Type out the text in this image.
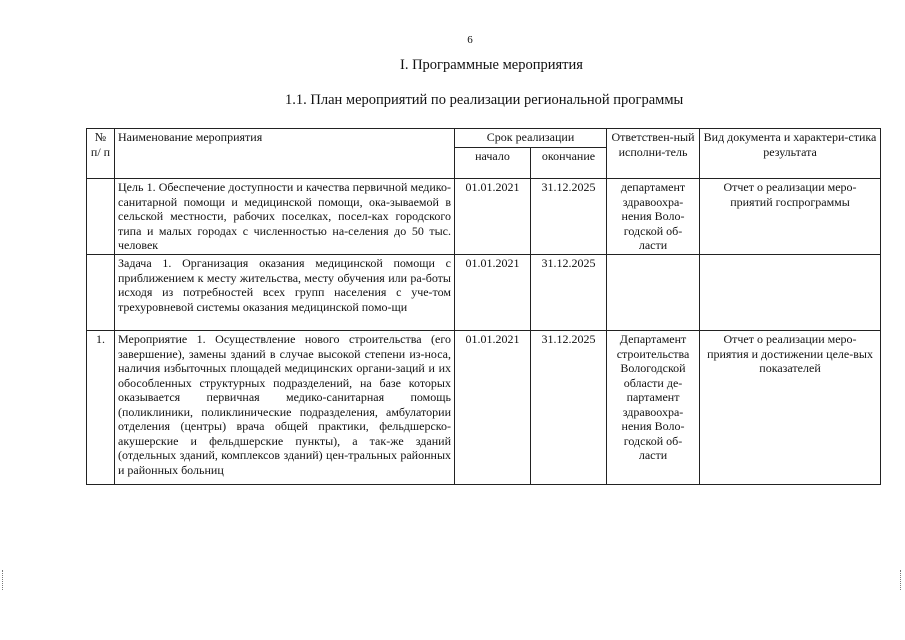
6
I. Программные мероприятия
1.1. План мероприятий по реализации региональной программы
№ п/ п	Наименование мероприятия	Срок реализации		Ответствен-ный исполни-тель	Вид документа и характери-стика результата
		начало	окончание		
	Цель 1. Обеспечение доступности и качества первичной медико-санитарной помощи и медицинской помощи, ока-зываемой в сельской местности, рабочих поселках, посел-ках городского типа и малых городах с численностью на-селения до 50 тыс. человек	01.01.2021	31.12.2025	департамент здравоохра-нения Воло-годской об-ласти	Отчет о реализации меро-приятий госпрограммы
	Задача 1. Организация оказания медицинской помощи с приближением к месту жительства, месту обучения или ра-боты исходя из потребностей всех групп населения с уче-том трехуровневой системы оказания медицинской помо-щи	01.01.2021	31.12.2025		
1.	Мероприятие 1. Осуществление нового строительства (его завершение), замены зданий в случае высокой степени из-носа, наличия избыточных площадей медицинских органи-заций и их обособленных структурных подразделений, на базе которых оказывается первичная медико-санитарная помощь (поликлиники, поликлинические подразделения, амбулатории отделения (центры) врача общей практики, фельдшерско-акушерские и фельдшерские пункты), а так-же зданий (отдельных зданий, комплексов зданий) цен-тральных районных и районных больниц	01.01.2021	31.12.2025	Департамент строительства Вологодской области де-партамент здравоохра-нения Воло-годской об-ласти	Отчет о реализации меро-приятия и достижении целе-вых показателей
